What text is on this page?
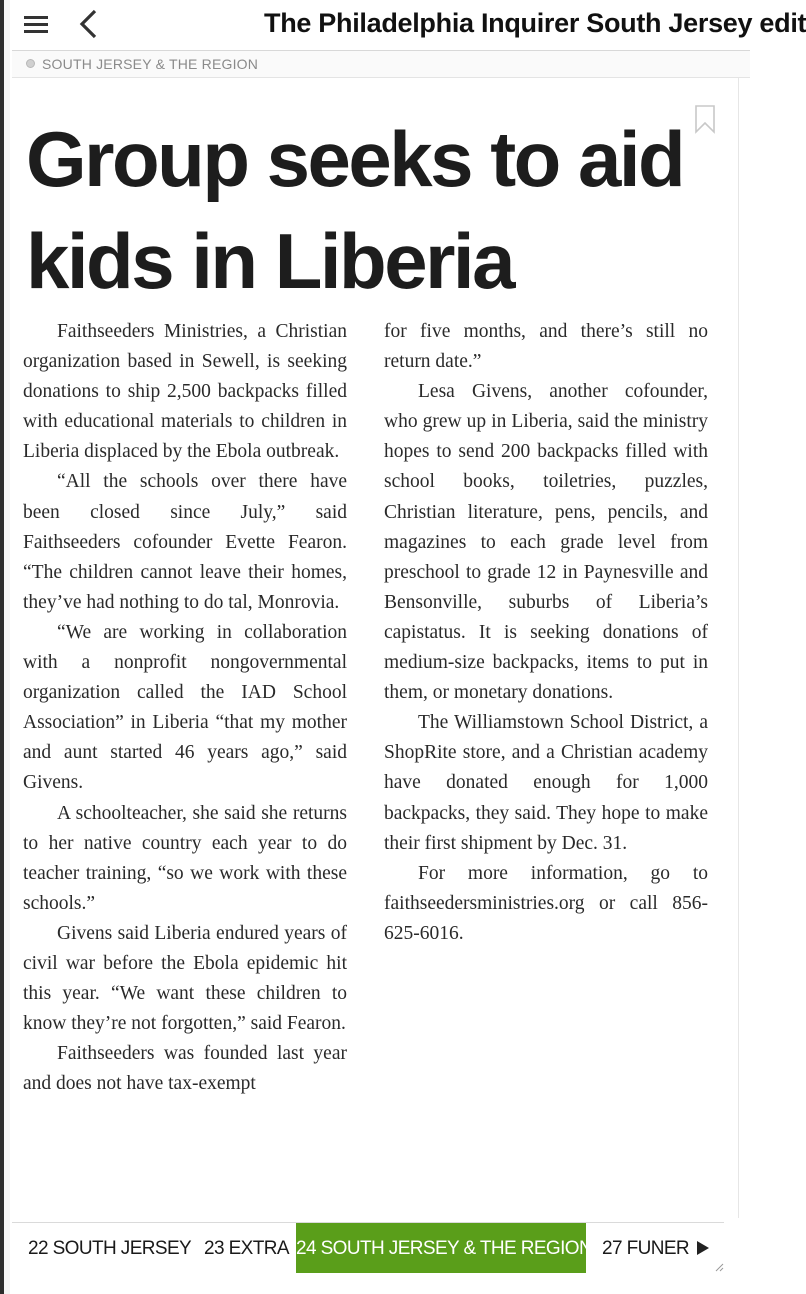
The Philadelphia Inquirer South Jersey edit
SOUTH JERSEY & THE REGION
Group seeks to aid kids in Liberia

Faithseeders Ministries, a Christian organization based in Sewell, is seeking donations to ship 2,500 backpacks filled with educational materials to children in Liberia displaced by the Ebola outbreak.

“All the schools over there have been closed since July,” said Faithseeders cofounder Evette Fearon. “The children cannot leave their homes, they’ve had nothing to do tal, Monrovia.

“We are working in collaboration with a nonprofit nongovernmental organization called the IAD School Association” in Liberia “that my mother and aunt started 46 years ago,” said Givens.

A schoolteacher, she said she returns to her native country each year to do teacher training, “so we work with these schools.”

Givens said Liberia endured years of civil war before the Ebola epidemic hit this year. “We want these children to know they’re not forgotten,” said Fearon.

Faithseeders was founded last year and does not have tax-exempt

for five months, and there’s still no return date.”

Lesa Givens, another cofounder, who grew up in Liberia, said the ministry hopes to send 200 backpacks filled with school books, toiletries, puzzles, Christian literature, pens, pencils, and magazines to each grade level from preschool to grade 12 in Paynesville and Bensonville, suburbs of Liberia’s capistatus. It is seeking donations of medium-size backpacks, items to put in them, or monetary donations.

The Williamstown School District, a ShopRite store, and a Christian academy have donated enough for 1,000 backpacks, they said. They hope to make their first shipment by Dec. 31.

For more information, go to faithseedersministries.org or call 856-625-6016.

22 SOUTH JERSEY 23 EXTRA 24 SOUTH JERSEY & THE REGION 27 FUNER
